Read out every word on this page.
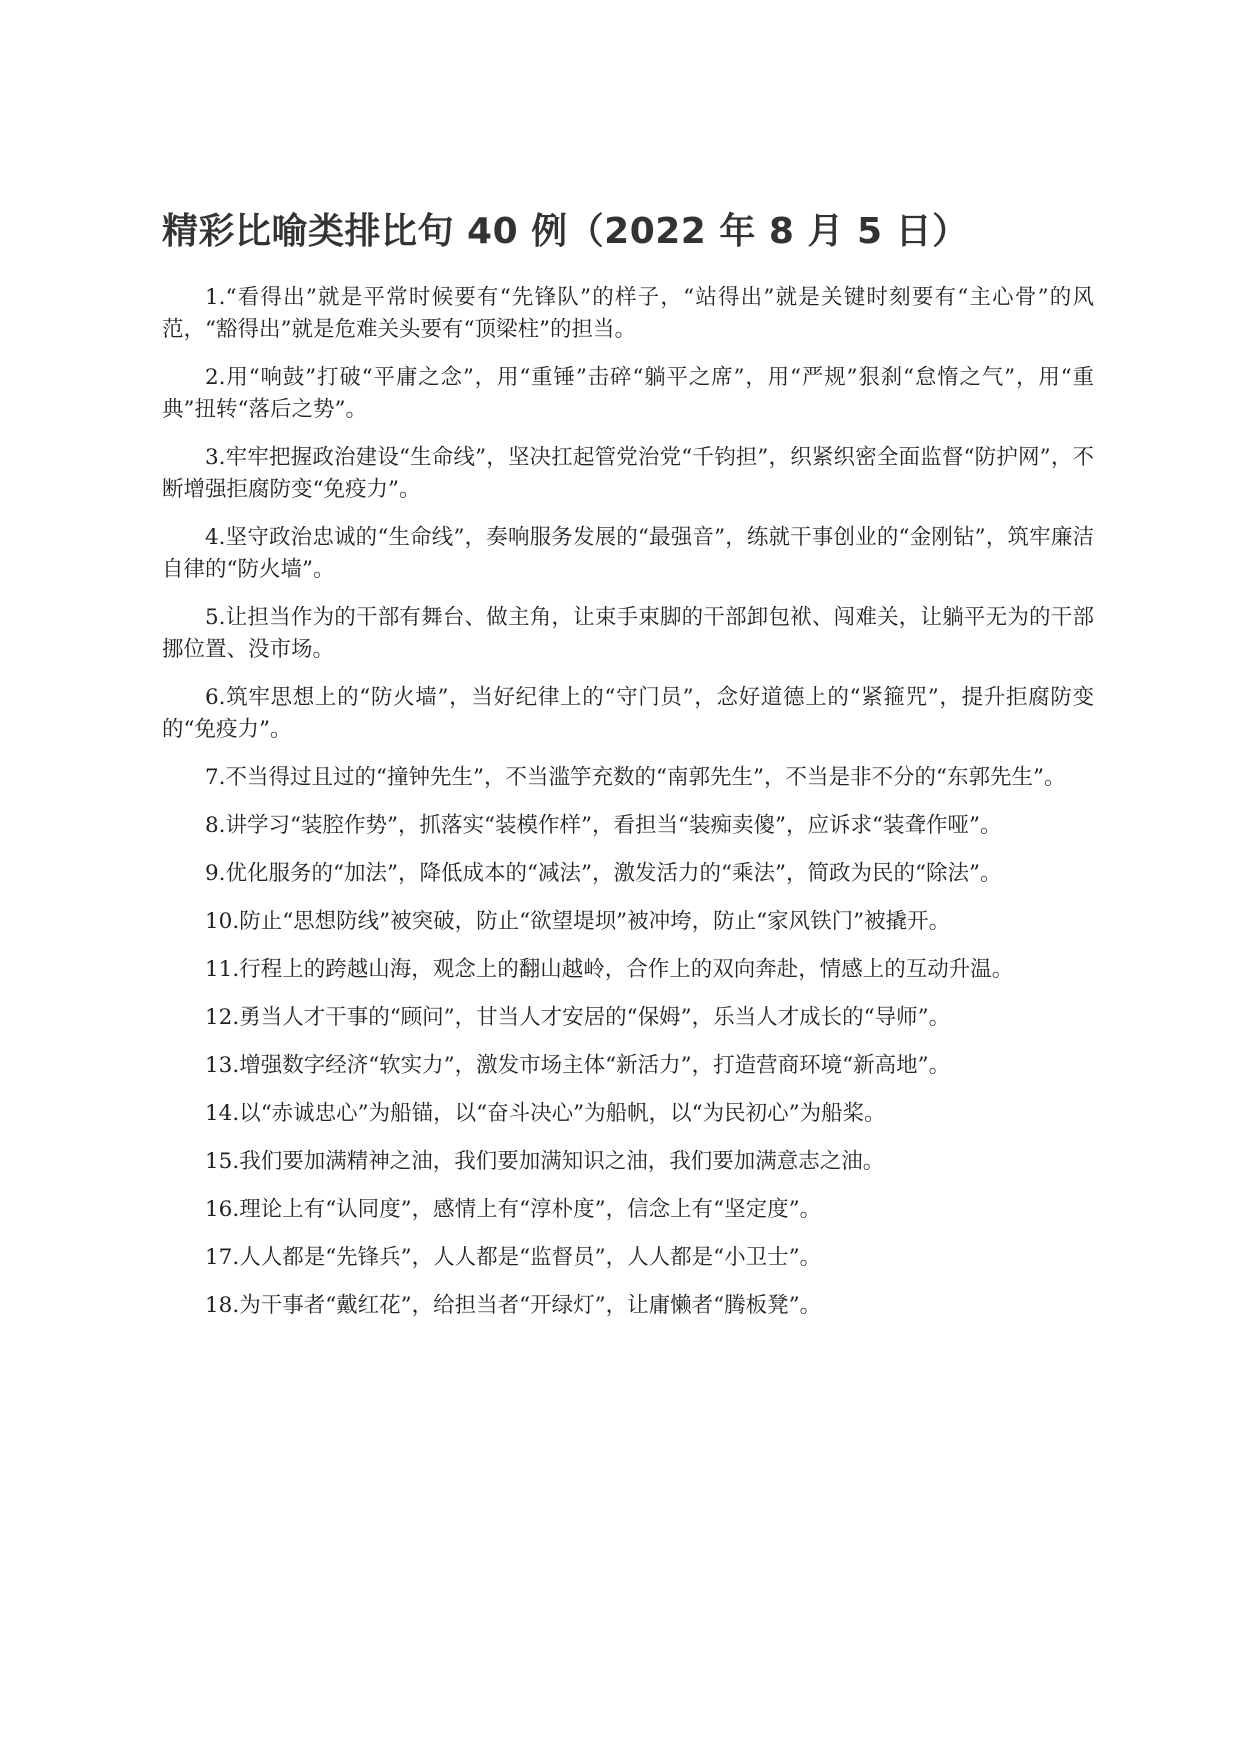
精彩比喻类排比句 40 例（2022 年 8 月 5 日）
1.“看得出”就是平常时候要有“先锋队”的样子，“站得出”就是关键时刻要有“主心骨”的风范，“豁得出”就是危难关头要有“顶梁柱”的担当。
2.用“响鼓”打破“平庸之念”，用“重锤”击碎“躺平之席”，用“严规”狠刹“怠惰之气”，用“重典”扭转“落后之势”。
3.牢牢把握政治建设“生命线”，坚决扛起管党治党“千钧担”，织紧织密全面监督“防护网”，不断增强拒腐防变“免疫力”。
4.坚守政治忠诚的“生命线”，奏响服务发展的“最强音”，练就干事创业的“金刚钻”，筑牢廉洁自律的“防火墙”。
5.让担当作为的干部有舞台、做主角，让束手束脚的干部卸包袱、闯难关，让躺平无为的干部挪位置、没市场。
6.筑牢思想上的“防火墙”，当好纪律上的“守门员”，念好道德上的“紧箍咒”，提升拒腐防变的“免疫力”。
7.不当得过且过的“撞钟先生”，不当滥竽充数的“南郭先生”，不当是非不分的“东郭先生”。
8.讲学习“装腔作势”，抓落实“装模作样”，看担当“装痴卖傻”，应诉求“装聋作哑”。
9.优化服务的“加法”，降低成本的“减法”，激发活力的“乘法”，简政为民的“除法”。
10.防止“思想防线”被突破，防止“欲望堤坝”被冲垮，防止“家风铁门”被撬开。
11.行程上的跨越山海，观念上的翻山越岭，合作上的双向奔赴，情感上的互动升温。
12.勇当人才干事的“顾问”，甘当人才安居的“保姆”，乐当人才成长的“导师”。
13.增强数字经济“软实力”，激发市场主体“新活力”，打造营商环境“新高地”。
14.以“赤诚忠心”为船锚，以“奋斗决心”为船帆，以“为民初心”为船桨。
15.我们要加满精神之油，我们要加满知识之油，我们要加满意志之油。
16.理论上有“认同度”，感情上有“淳朴度”，信念上有“坚定度”。
17.人人都是“先锋兵”，人人都是“监督员”，人人都是“小卫士”。
18.为干事者“戴红花”，给担当者“开绿灯”，让庸懒者“腾板凳”。
